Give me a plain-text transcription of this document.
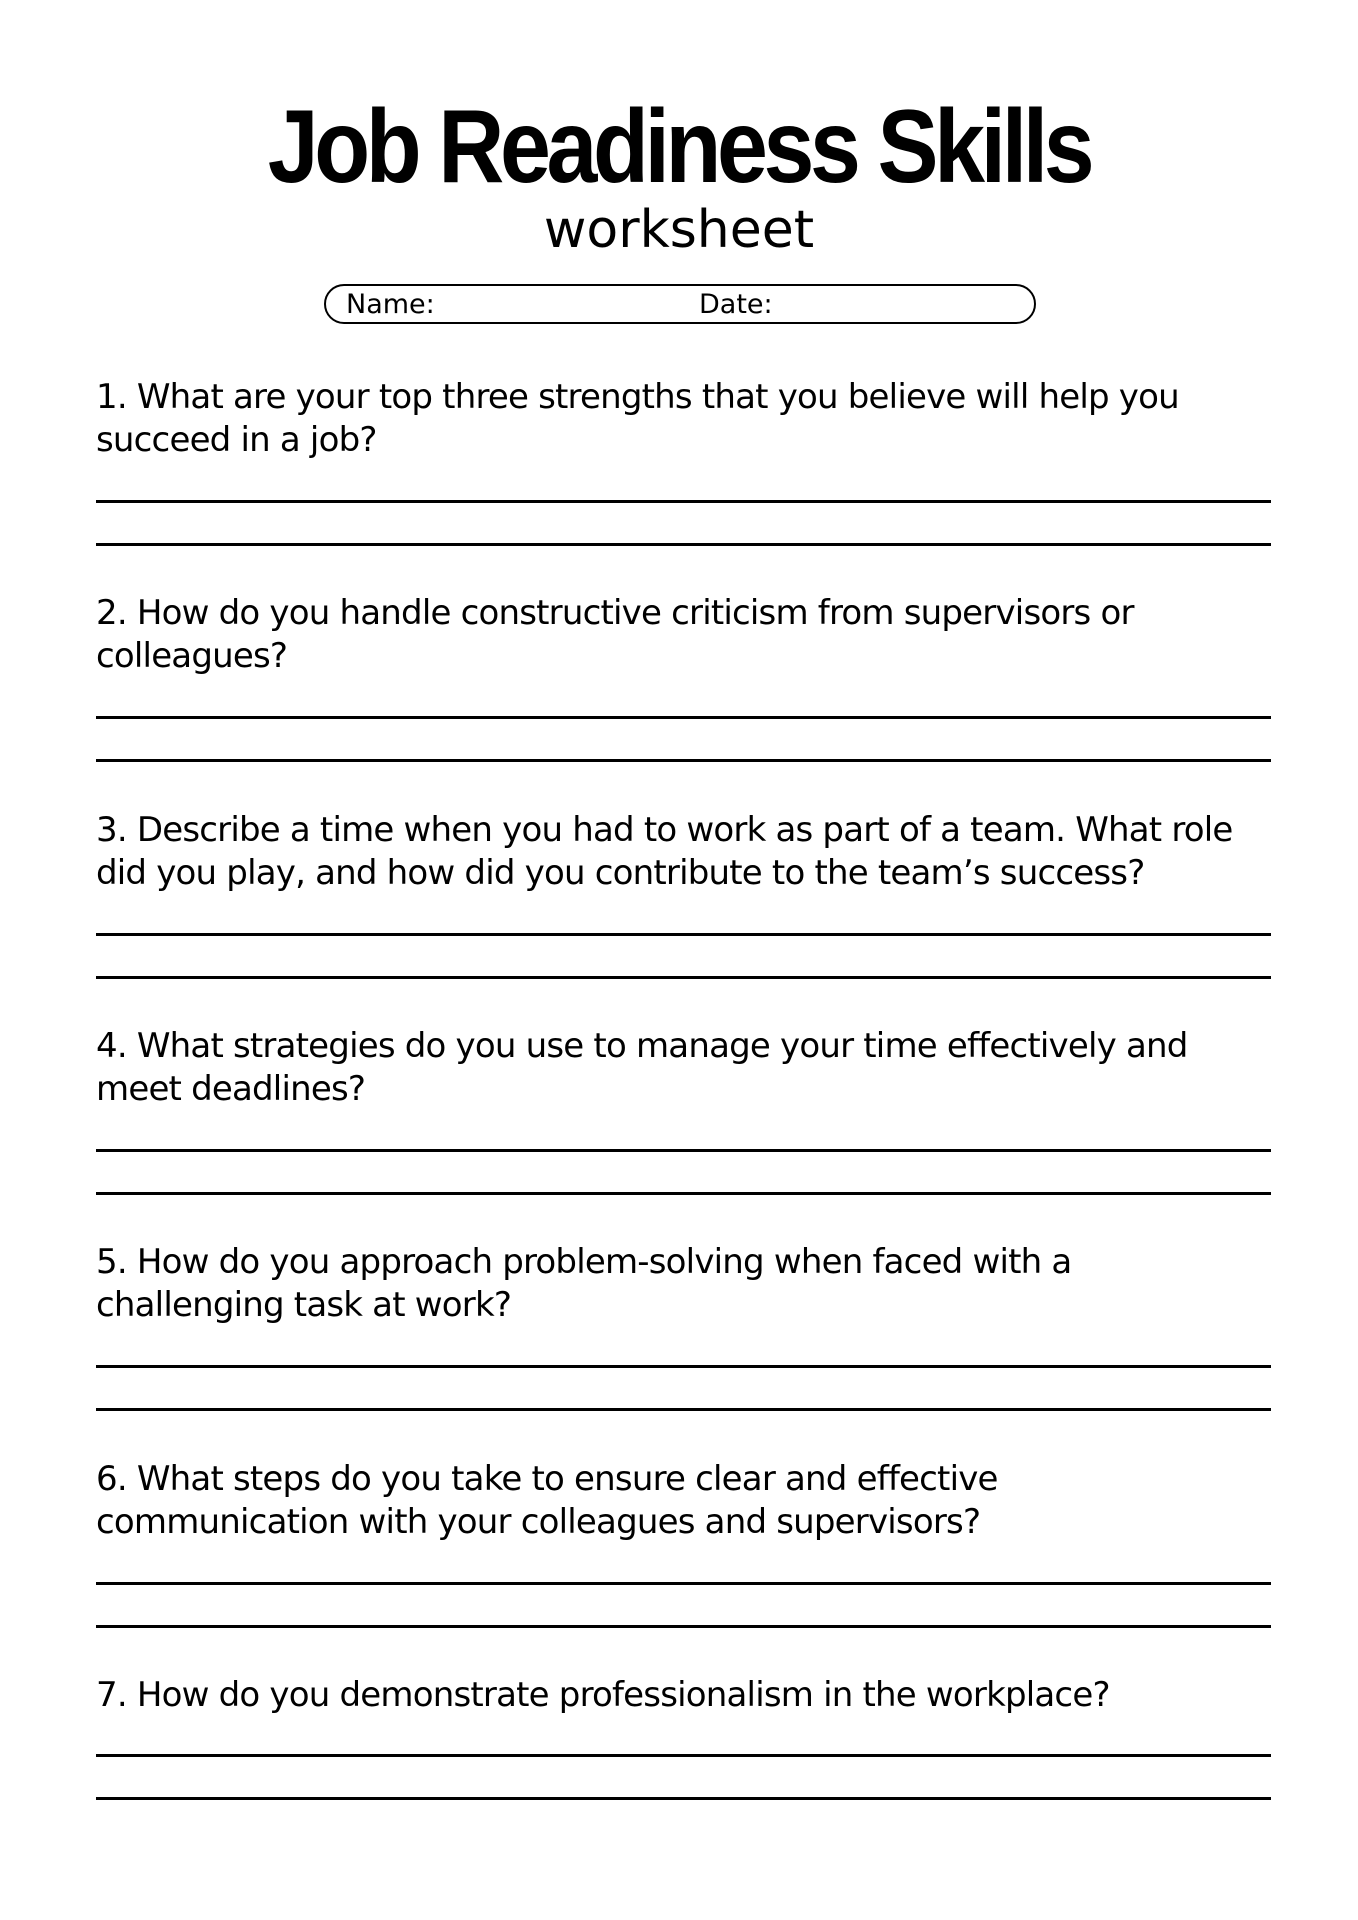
Job Readiness Skills
worksheet
Name:	Date:

1. What are your top three strengths that you believe will help you

succeed in a job?

2. How do you handle constructive criticism from supervisors or

colleagues?

3. Describe a time when you had to work as part of a team. What role

did you play, and how did you contribute to the team’s success?

4. What strategies do you use to manage your time effectively and

meet deadlines?

5. How do you approach problem-solving when faced with a

challenging task at work?

6. What steps do you take to ensure clear and effective

communication with your colleagues and supervisors?

7. How do you demonstrate professionalism in the workplace?
